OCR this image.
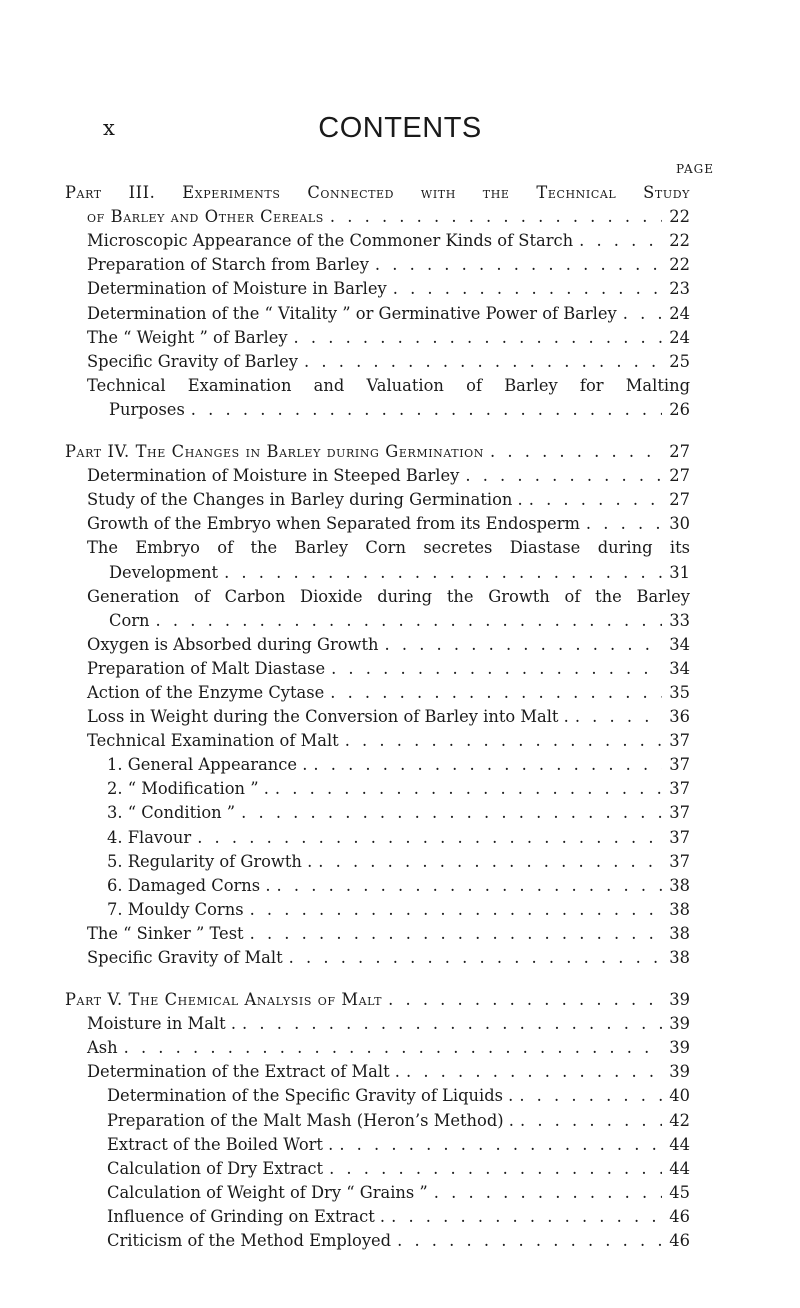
x	CONTENTS
PAGE
Part III. Experiments Connected with the Technical Study
of Barley and Other Cereals . . .	22
Microscopic Appearance of the Commoner Kinds of Starch . . .	22
Preparation of Starch from Barley . . .	22
Determination of Moisture in Barley . . .	23
Determination of the “ Vitality ” or Germinative Power of Barley . . .	24
The “ Weight ” of Barley . . .	24
Specific Gravity of Barley . . .	25
Technical Examination and Valuation of Barley for Malting
Purposes . . .	26
Part IV. The Changes in Barley during Germination . . .	27
Determination of Moisture in Steeped Barley . . .	27
Study of the Changes in Barley during Germination . . . .	27
Growth of the Embryo when Separated from its Endosperm . . .	30
The Embryo of the Barley Corn secretes Diastase during its
Development . . .	31
Generation of Carbon Dioxide during the Growth of the Barley
Corn . . .	33
Oxygen is Absorbed during Growth . . .	34
Preparation of Malt Diastase . . .	34
Action of the Enzyme Cytase . . .	35
Loss in Weight during the Conversion of Barley into Malt . . . .	36
Technical Examination of Malt . . .	37
1. General Appearance . . . .	37
2. “ Modification ” . . . .	37
3. “ Condition ” . . .	37
4. Flavour . . .	37
5. Regularity of Growth . . . .	37
6. Damaged Corns . . . .	38
7. Mouldy Corns . . .	38
The “ Sinker ” Test . . .	38
Specific Gravity of Malt . . .	38
Part V. The Chemical Analysis of Malt . . .	39
Moisture in Malt . . . .	39
Ash . . .	39
Determination of the Extract of Malt . . . .	39
Determination of the Specific Gravity of Liquids . . . .	40
Preparation of the Malt Mash (Heron’s Method) . . . .	42
Extract of the Boiled Wort . . . .	44
Calculation of Dry Extract . . .	44
Calculation of Weight of Dry “ Grains ” . . .	45
Influence of Grinding on Extract . . . .	46
Criticism of the Method Employed . . .	46
